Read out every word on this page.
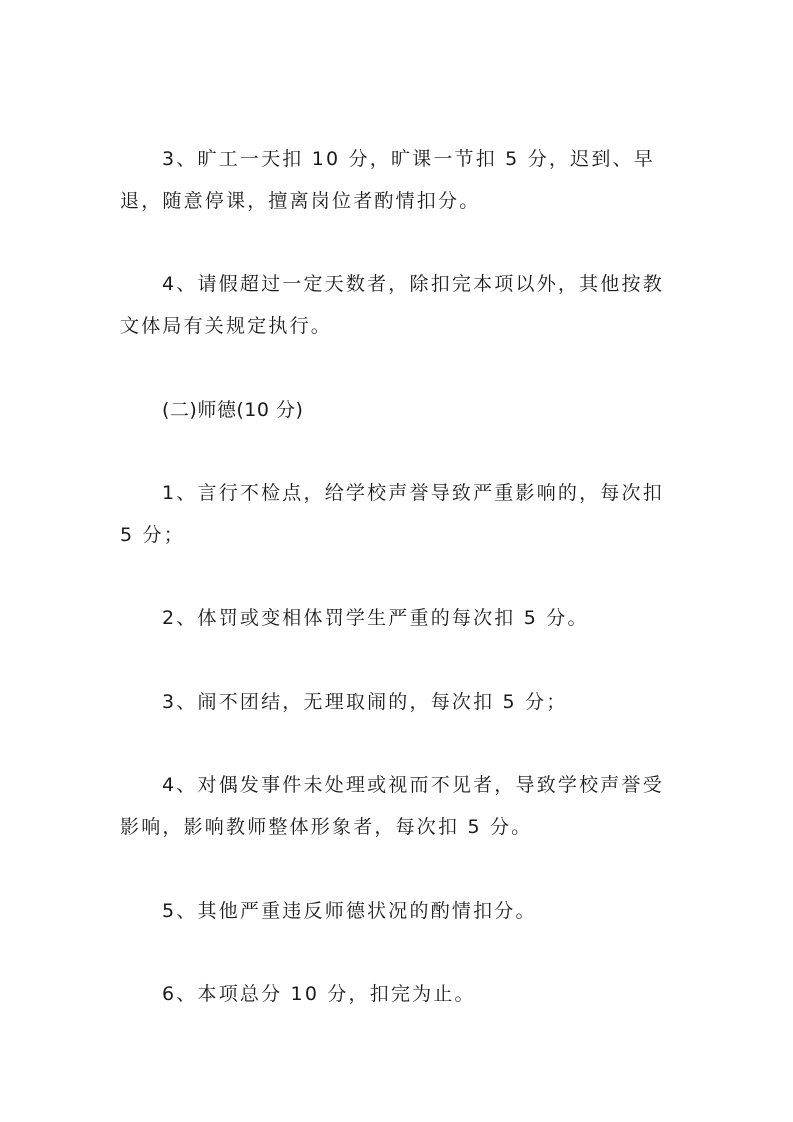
3、旷工一天扣 10 分，旷课一节扣 5 分，迟到、早退，随意停课，擅离岗位者酌情扣分。

4、请假超过一定天数者，除扣完本项以外，其他按教文体局有关规定执行。

(二)师德(10 分)

1、言行不检点，给学校声誉导致严重影响的，每次扣 5 分；

2、体罚或变相体罚学生严重的每次扣 5 分。

3、闹不团结，无理取闹的，每次扣 5 分；

4、对偶发事件未处理或视而不见者，导致学校声誉受影响，影响教师整体形象者，每次扣 5 分。

5、其他严重违反师德状况的酌情扣分。

6、本项总分 10 分，扣完为止。
